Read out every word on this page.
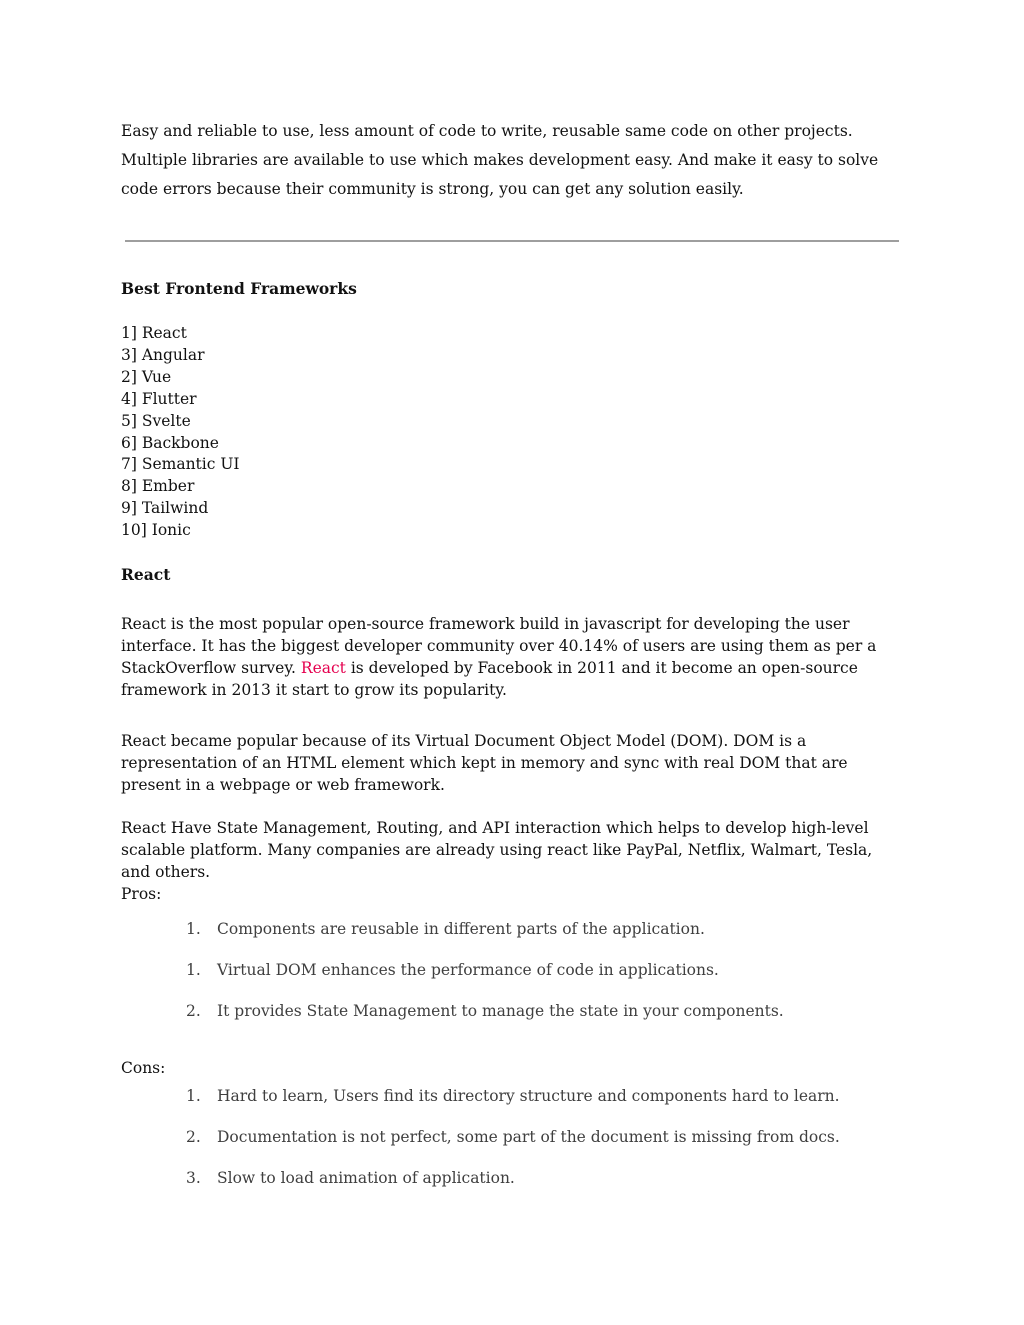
Easy and reliable to use, less amount of code to write, reusable same code on other projects. Multiple libraries are available to use which makes development easy. And make it easy to solve code errors because their community is strong, you can get any solution easily.

Best Frontend Frameworks
1] React
3] Angular
2] Vue
4] Flutter
5] Svelte
6] Backbone
7] Semantic UI
8] Ember
9] Tailwind
10] Ionic
React

React is the most popular open-source framework build in javascript for developing the user interface. It has the biggest developer community over 40.14% of users are using them as per a StackOverflow survey. React is developed by Facebook in 2011 and it become an open-source framework in 2013 it start to grow its popularity.

React became popular because of its Virtual Document Object Model (DOM). DOM is a representation of an HTML element which kept in memory and sync with real DOM that are present in a webpage or web framework.

React Have State Management, Routing, and API interaction which helps to develop high-level scalable platform. Many companies are already using react like PayPal, Netflix, Walmart, Tesla, and others.

Pros:

1.	Components are reusable in different parts of the application.
1.	Virtual DOM enhances the performance of code in applications.
2.	It provides State Management to manage the state in your components.

Cons:

1.	Hard to learn, Users find its directory structure and components hard to learn.
2.	Documentation is not perfect, some part of the document is missing from docs.
3.	Slow to load animation of application.
